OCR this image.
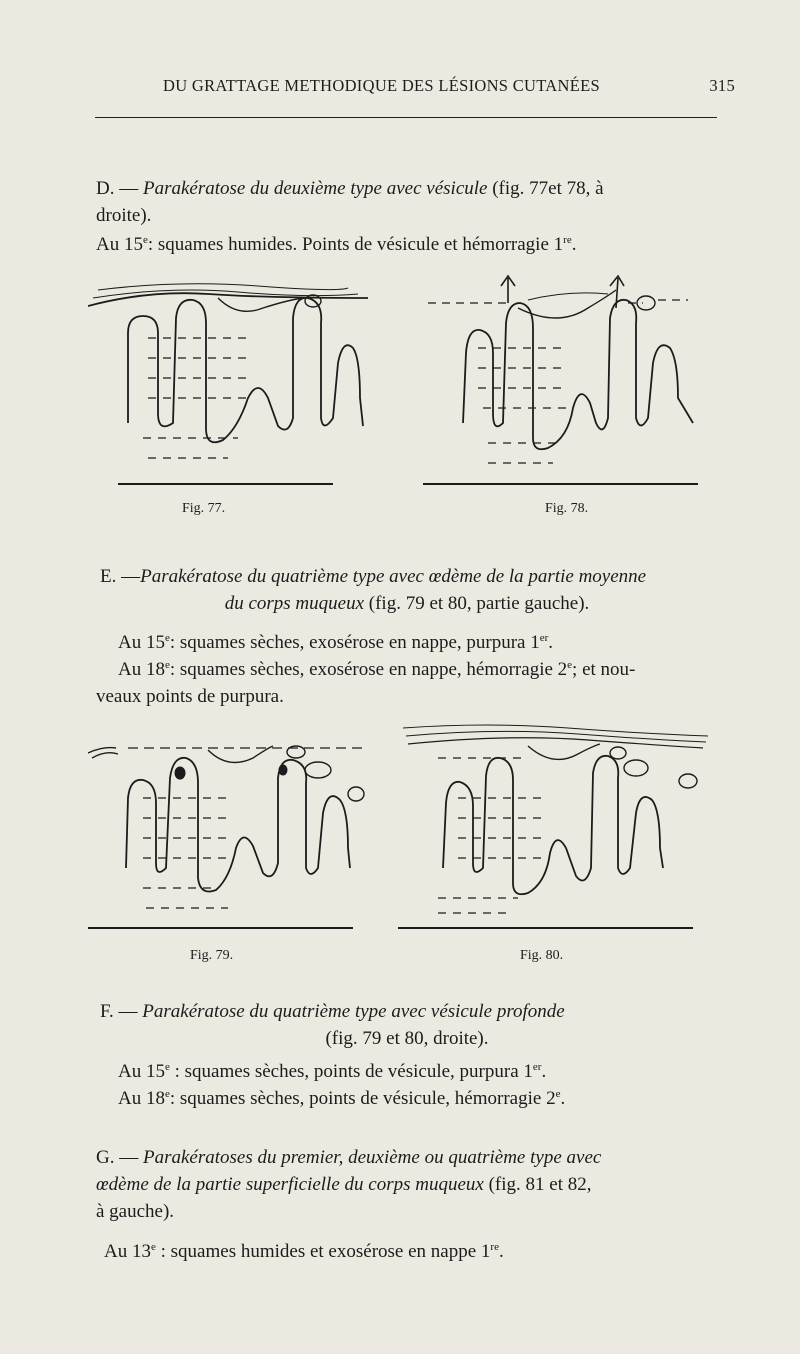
DU GRATTAGE METHODIQUE DES LÉSIONS CUTANÉES	315

D. — Parakératose du deuxième type avec vésicule (fig. 77et 78, à
droite).

Au 15e: squames humides. Points de vésicule et hémorragie 1re.

Fig. 77.	Fig. 78.

E. —Parakératose du quatrième type avec œdème de la partie moyenne

du corps muqueux (fig. 79 et 80, partie gauche).

Au 15e: squames sèches, exosérose en nappe, purpura 1er.

Au 18e: squames sèches, exosérose en nappe, hémorragie 2e; et nou-

veaux points de purpura.

Fig. 79.	Fig. 80.

F. — Parakératose du quatrième type avec vésicule profonde

(fig. 79 et 80, droite).

Au 15e : squames sèches, points de vésicule, purpura 1er.

Au 18e: squames sèches, points de vésicule, hémorragie 2e.

G. — Parakératoses du premier, deuxième ou quatrième type avec

œdème de la partie superficielle du corps muqueux (fig. 81 et 82,

à gauche).

Au 13e : squames humides et exosérose en nappe 1re.
